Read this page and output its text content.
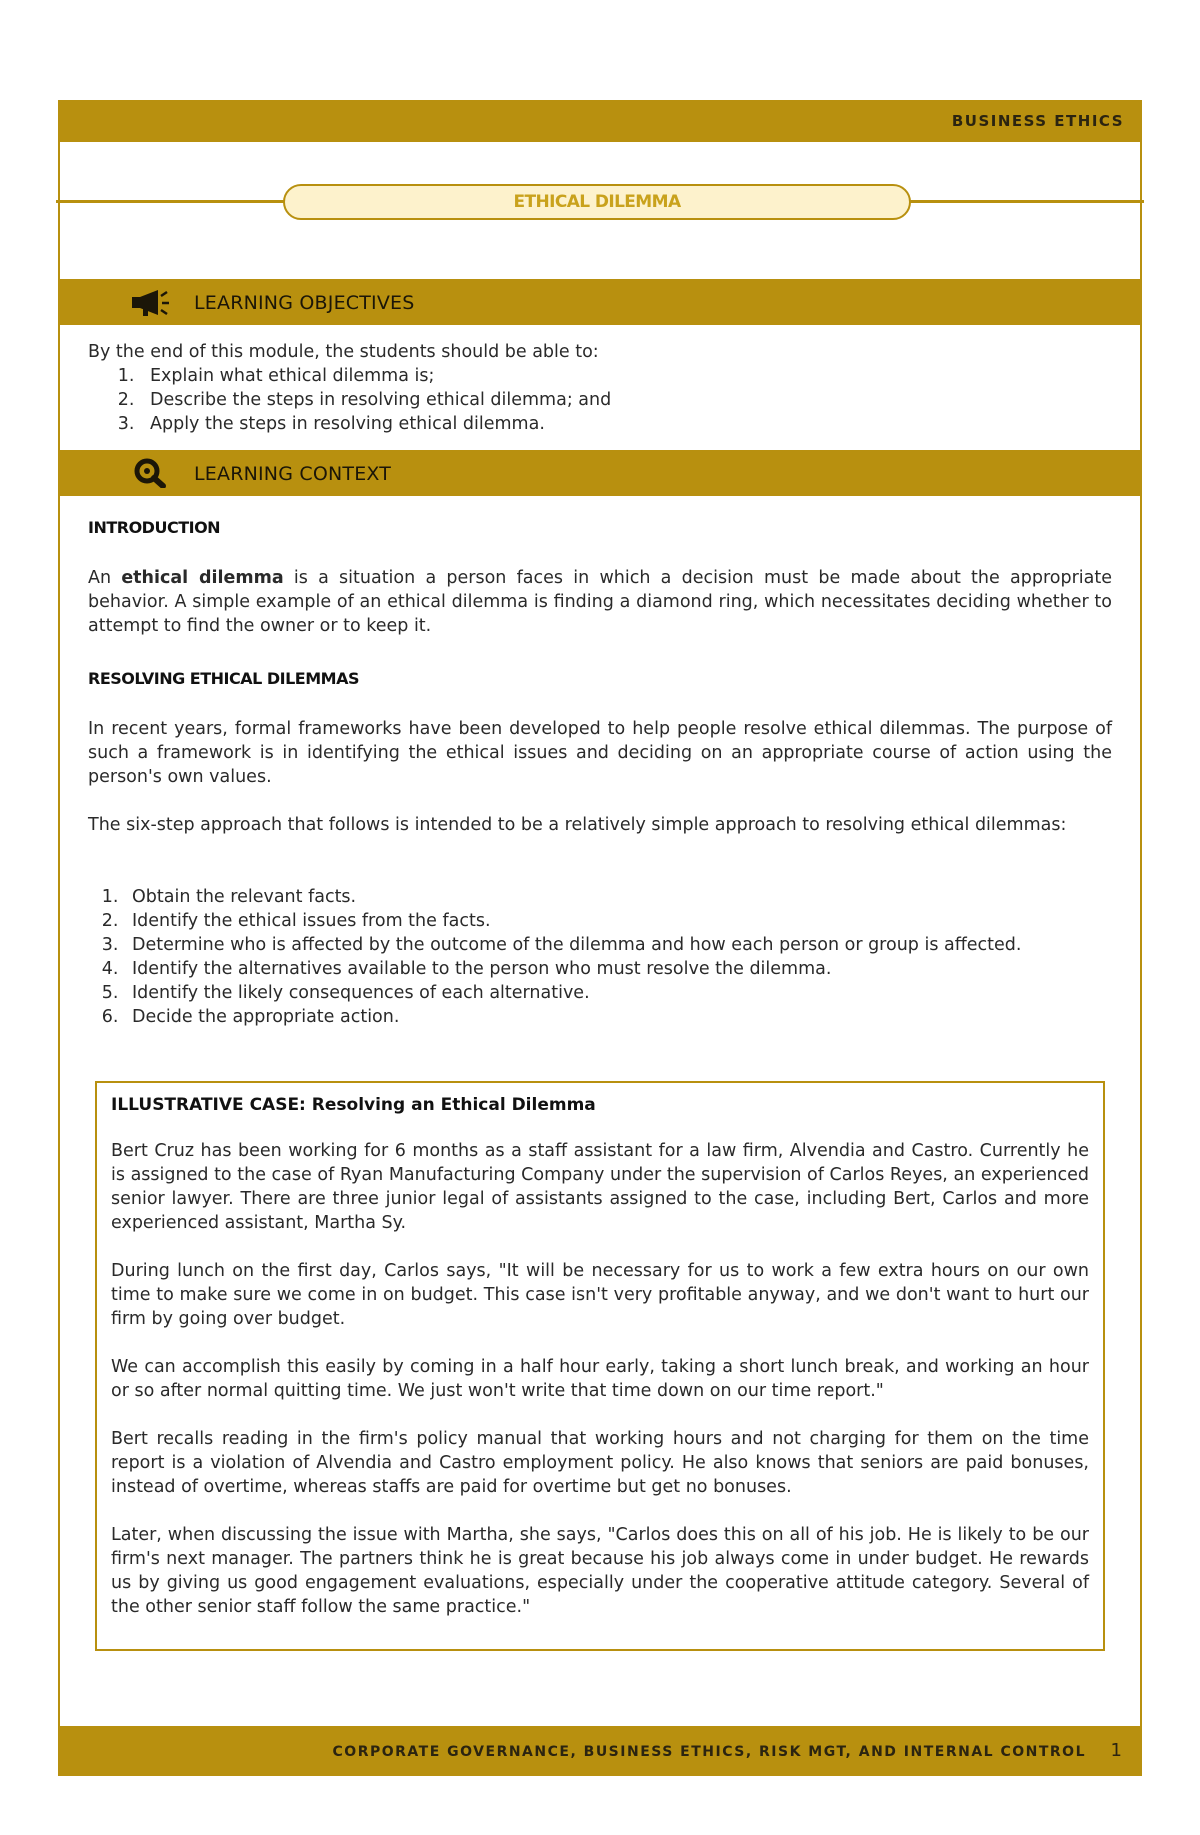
BUSINESS ETHICS
ETHICAL DILEMMA
LEARNING OBJECTIVES

By the end of this module, the students should be able to:

1. Explain what ethical dilemma is;
2. Describe the steps in resolving ethical dilemma; and
3. Apply the steps in resolving ethical dilemma.
LEARNING CONTEXT
INTRODUCTION

An ethical dilemma is a situation a person faces in which a decision must be made about the appropriate behavior. A simple example of an ethical dilemma is finding a diamond ring, which necessitates deciding whether to attempt to find the owner or to keep it.

RESOLVING ETHICAL DILEMMAS

In recent years, formal frameworks have been developed to help people resolve ethical dilemmas. The purpose of such a framework is in identifying the ethical issues and deciding on an appropriate course of action using the person's own values.

The six-step approach that follows is intended to be a relatively simple approach to resolving ethical dilemmas:

1. Obtain the relevant facts.
2. Identify the ethical issues from the facts.
3. Determine who is affected by the outcome of the dilemma and how each person or group is affected.
4. Identify the alternatives available to the person who must resolve the dilemma.
5. Identify the likely consequences of each alternative.
6. Decide the appropriate action.
ILLUSTRATIVE CASE: Resolving an Ethical Dilemma

Bert Cruz has been working for 6 months as a staff assistant for a law firm, Alvendia and Castro. Currently he is assigned to the case of Ryan Manufacturing Company under the supervision of Carlos Reyes, an experienced senior lawyer. There are three junior legal of assistants assigned to the case, including Bert, Carlos and more experienced assistant, Martha Sy.

During lunch on the first day, Carlos says, "It will be necessary for us to work a few extra hours on our own time to make sure we come in on budget. This case isn't very profitable anyway, and we don't want to hurt our firm by going over budget.

We can accomplish this easily by coming in a half hour early, taking a short lunch break, and working an hour or so after normal quitting time. We just won't write that time down on our time report."

Bert recalls reading in the firm's policy manual that working hours and not charging for them on the time report is a violation of Alvendia and Castro employment policy. He also knows that seniors are paid bonuses, instead of overtime, whereas staffs are paid for overtime but get no bonuses.

Later, when discussing the issue with Martha, she says, "Carlos does this on all of his job. He is likely to be our firm's next manager. The partners think he is great because his job always come in under budget. He rewards us by giving us good engagement evaluations, especially under the cooperative attitude category. Several of the other senior staff follow the same practice."

CORPORATE GOVERNANCE, BUSINESS ETHICS, RISK MGT, AND INTERNAL CONTROL 1
